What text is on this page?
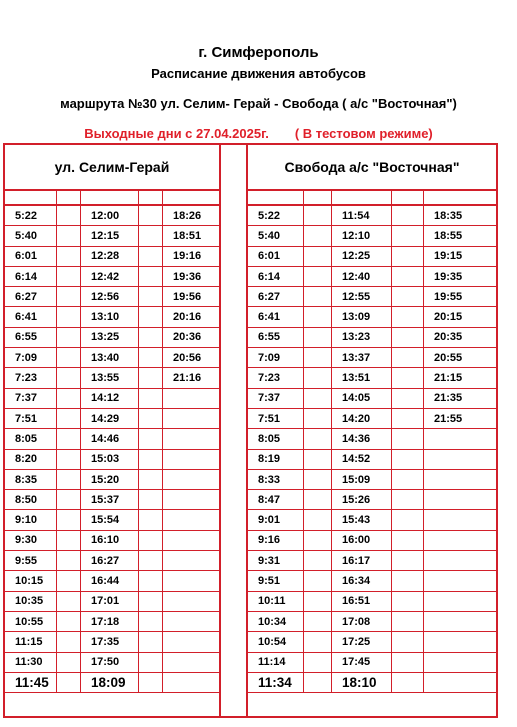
г. Симферополь
Расписание движения автобусов
маршрута №30 ул. Селим- Герай - Свобода ( а/с "Восточная")
Выходные дни с 27.04.2025г. ( В тестовом режиме)
ул. Селим-Герай
5:22	12:00	18:26
5:40	12:15	18:51
6:01	12:28	19:16
6:14	12:42	19:36
6:27	12:56	19:56
6:41	13:10	20:16
6:55	13:25	20:36
7:09	13:40	20:56
7:23	13:55	21:16
7:37	14:12
7:51	14:29
8:05	14:46
8:20	15:03
8:35	15:20
8:50	15:37
9:10	15:54
9:30	16:10
9:55	16:27
10:15	16:44
10:35	17:01
10:55	17:18
11:15	17:35
11:30	17:50
11:45	18:09
Свобода а/с "Восточная"
5:22	11:54	18:35
5:40	12:10	18:55
6:01	12:25	19:15
6:14	12:40	19:35
6:27	12:55	19:55
6:41	13:09	20:15
6:55	13:23	20:35
7:09	13:37	20:55
7:23	13:51	21:15
7:37	14:05	21:35
7:51	14:20	21:55
8:05	14:36
8:19	14:52
8:33	15:09
8:47	15:26
9:01	15:43
9:16	16:00
9:31	16:17
9:51	16:34
10:11	16:51
10:34	17:08
10:54	17:25
11:14	17:45
11:34	18:10
